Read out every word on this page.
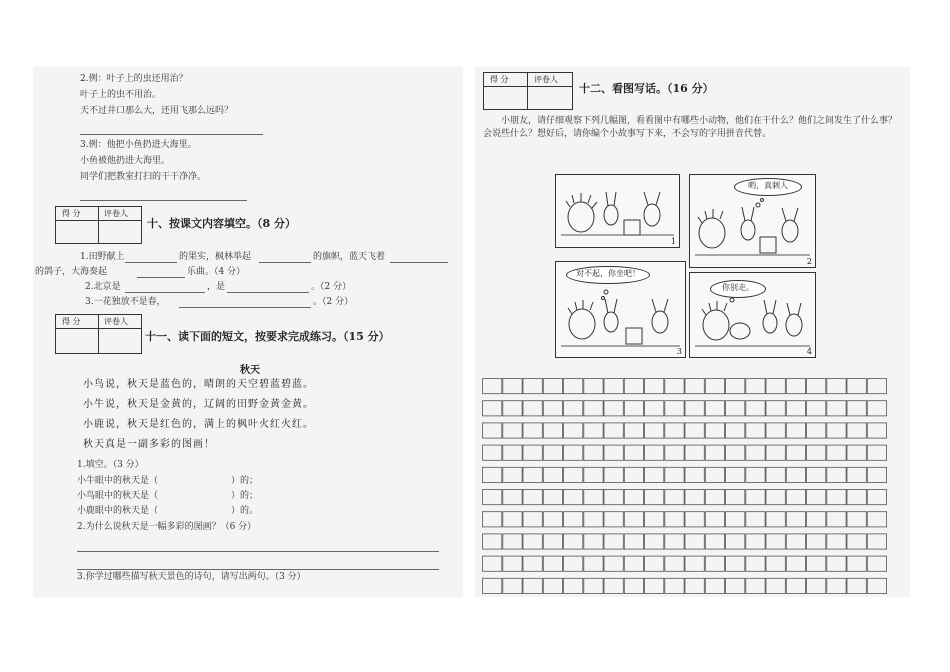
2.例：叶子上的虫还用治？
叶子上的虫不用治。
天不过井口那么大，还用飞那么远吗？
3.例：他把小鱼扔进大海里。
小鱼被他扔进大海里。
同学们把教室打扫的干干净净。
得 分	评卷人
十、按课文内容填空。（8 分）
1.田野献上	的果实，枫林举起	的旗帜，蓝天飞着
的鸽子，大海奏起	乐曲。（4 分）
2.北京是	，是	。（2 分）
3.一花独放不是春，	。（2 分）
得 分	评卷人
十一、读下面的短文，按要求完成练习。（15 分）
秋天
小鸟说，秋天是蓝色的，晴朗的天空碧蓝碧蓝。
小牛说，秋天是金黄的，辽阔的田野金黄金黄。
小鹿说，秋天是红色的，满上的枫叶火红火红。
秋天真是一副多彩的图画！
1.填空。（3 分）
小牛眼中的秋天是（	）的；
小鸟眼中的秋天是（	）的；
小鹿眼中的秋天是（	）的。
2.为什么说秋天是一幅多彩的图画？（6 分）
3.你学过哪些描写秋天景色的诗句，请写出两句。（3 分）
得 分	评卷人
十二、看图写话。（16 分）
小朋友，请仔细观察下列几幅图，看看图中有哪些小动物，他们在干什么？他们之间发生了什么事？会说些什么？想好后，请你编个小故事写下来，不会写的字用拼音代替。
1
哟，真刺人
2
对不起，你坐吧！
3
你别走。
4
